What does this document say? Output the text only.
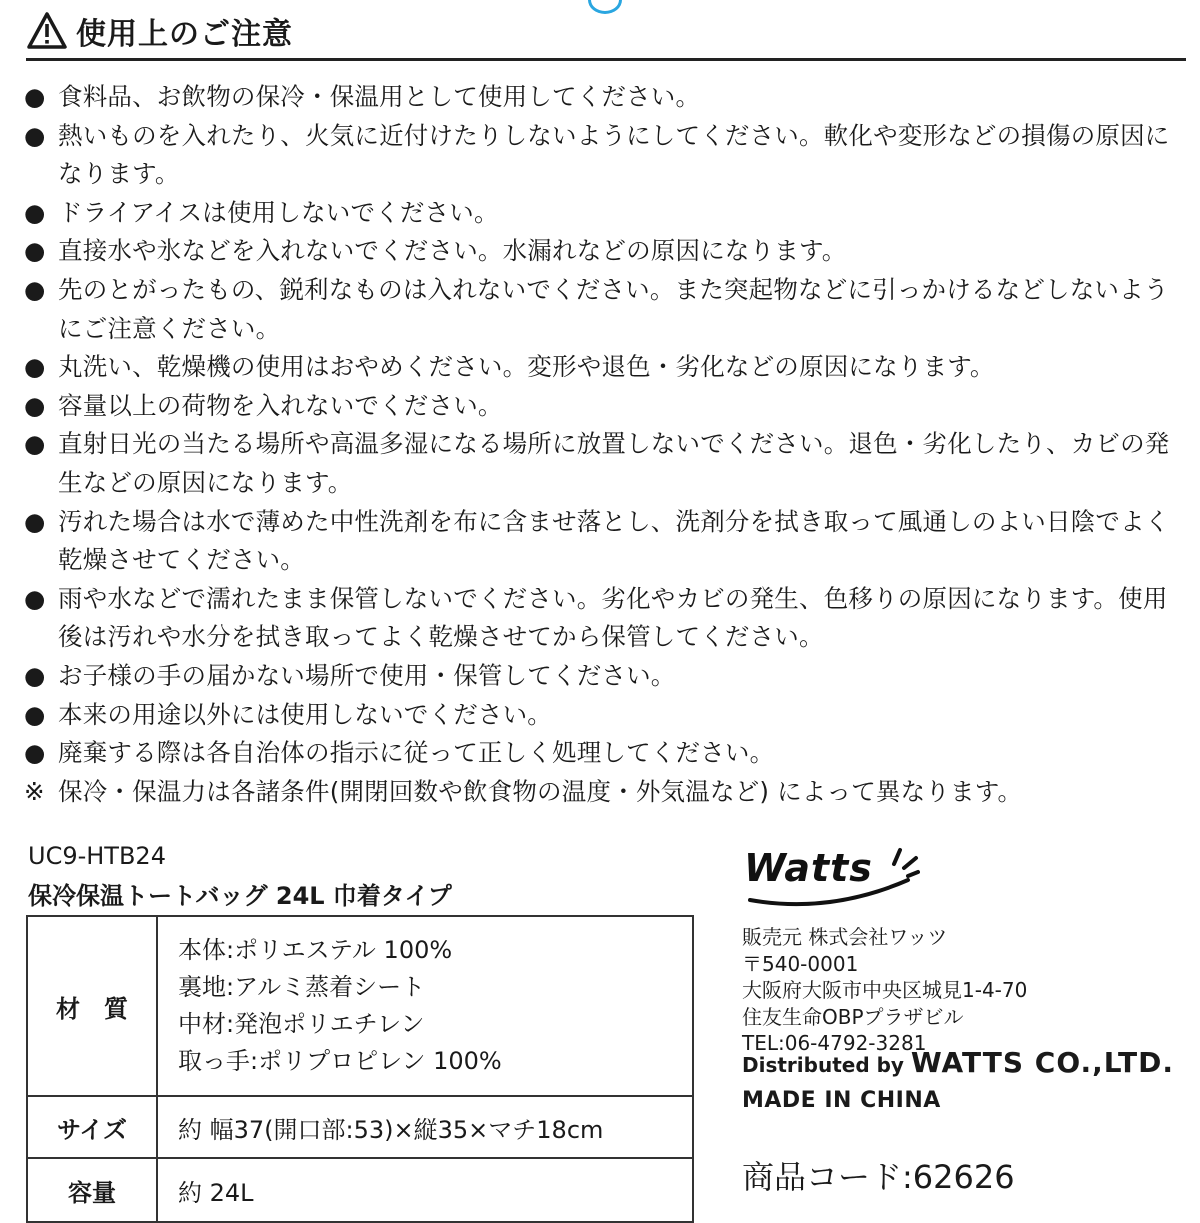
使用上のご注意
● 食料品、お飲物の保冷・保温用として使用してください。
● 熱いものを入れたり、火気に近付けたりしないようにしてください。軟化や変形などの損傷の原因になります。
● ドライアイスは使用しないでください。
● 直接水や氷などを入れないでください。水漏れなどの原因になります。
● 先のとがったもの、鋭利なものは入れないでください。また突起物などに引っかけるなどしないようにご注意ください。
● 丸洗い、乾燥機の使用はおやめください。変形や退色・劣化などの原因になります。
● 容量以上の荷物を入れないでください。
● 直射日光の当たる場所や高温多湿になる場所に放置しないでください。退色・劣化したり、カビの発生などの原因になります。
● 汚れた場合は水で薄めた中性洗剤を布に含ませ落とし、洗剤分を拭き取って風通しのよい日陰でよく乾燥させてください。
● 雨や水などで濡れたまま保管しないでください。劣化やカビの発生、色移りの原因になります。使用後は汚れや水分を拭き取ってよく乾燥させてから保管してください。
● お子様の手の届かない場所で使用・保管してください。
● 本来の用途以外には使用しないでください。
● 廃棄する際は各自治体の指示に従って正しく処理してください。
※ 保冷・保温力は各諸条件(開閉回数や飲食物の温度・外気温など) によって異なります。
UC9-HTB24
保冷保温トートバッグ 24L 巾着タイプ
材　質	本体:ポリエステル 100%
裏地:アルミ蒸着シート
中材:発泡ポリエチレン
取っ手:ポリプロピレン 100%

サイズ	約 幅37(開口部:53)×縦35×マチ18cm
容量	約 24L
Watts
販売元 株式会社ワッツ
〒540-0001
大阪府大阪市中央区城見1-4-70
住友生命OBPプラザビル
TEL:06-4792-3281
Distributed by WATTS CO.,LTD.
MADE IN CHINA
商品コード:62626
